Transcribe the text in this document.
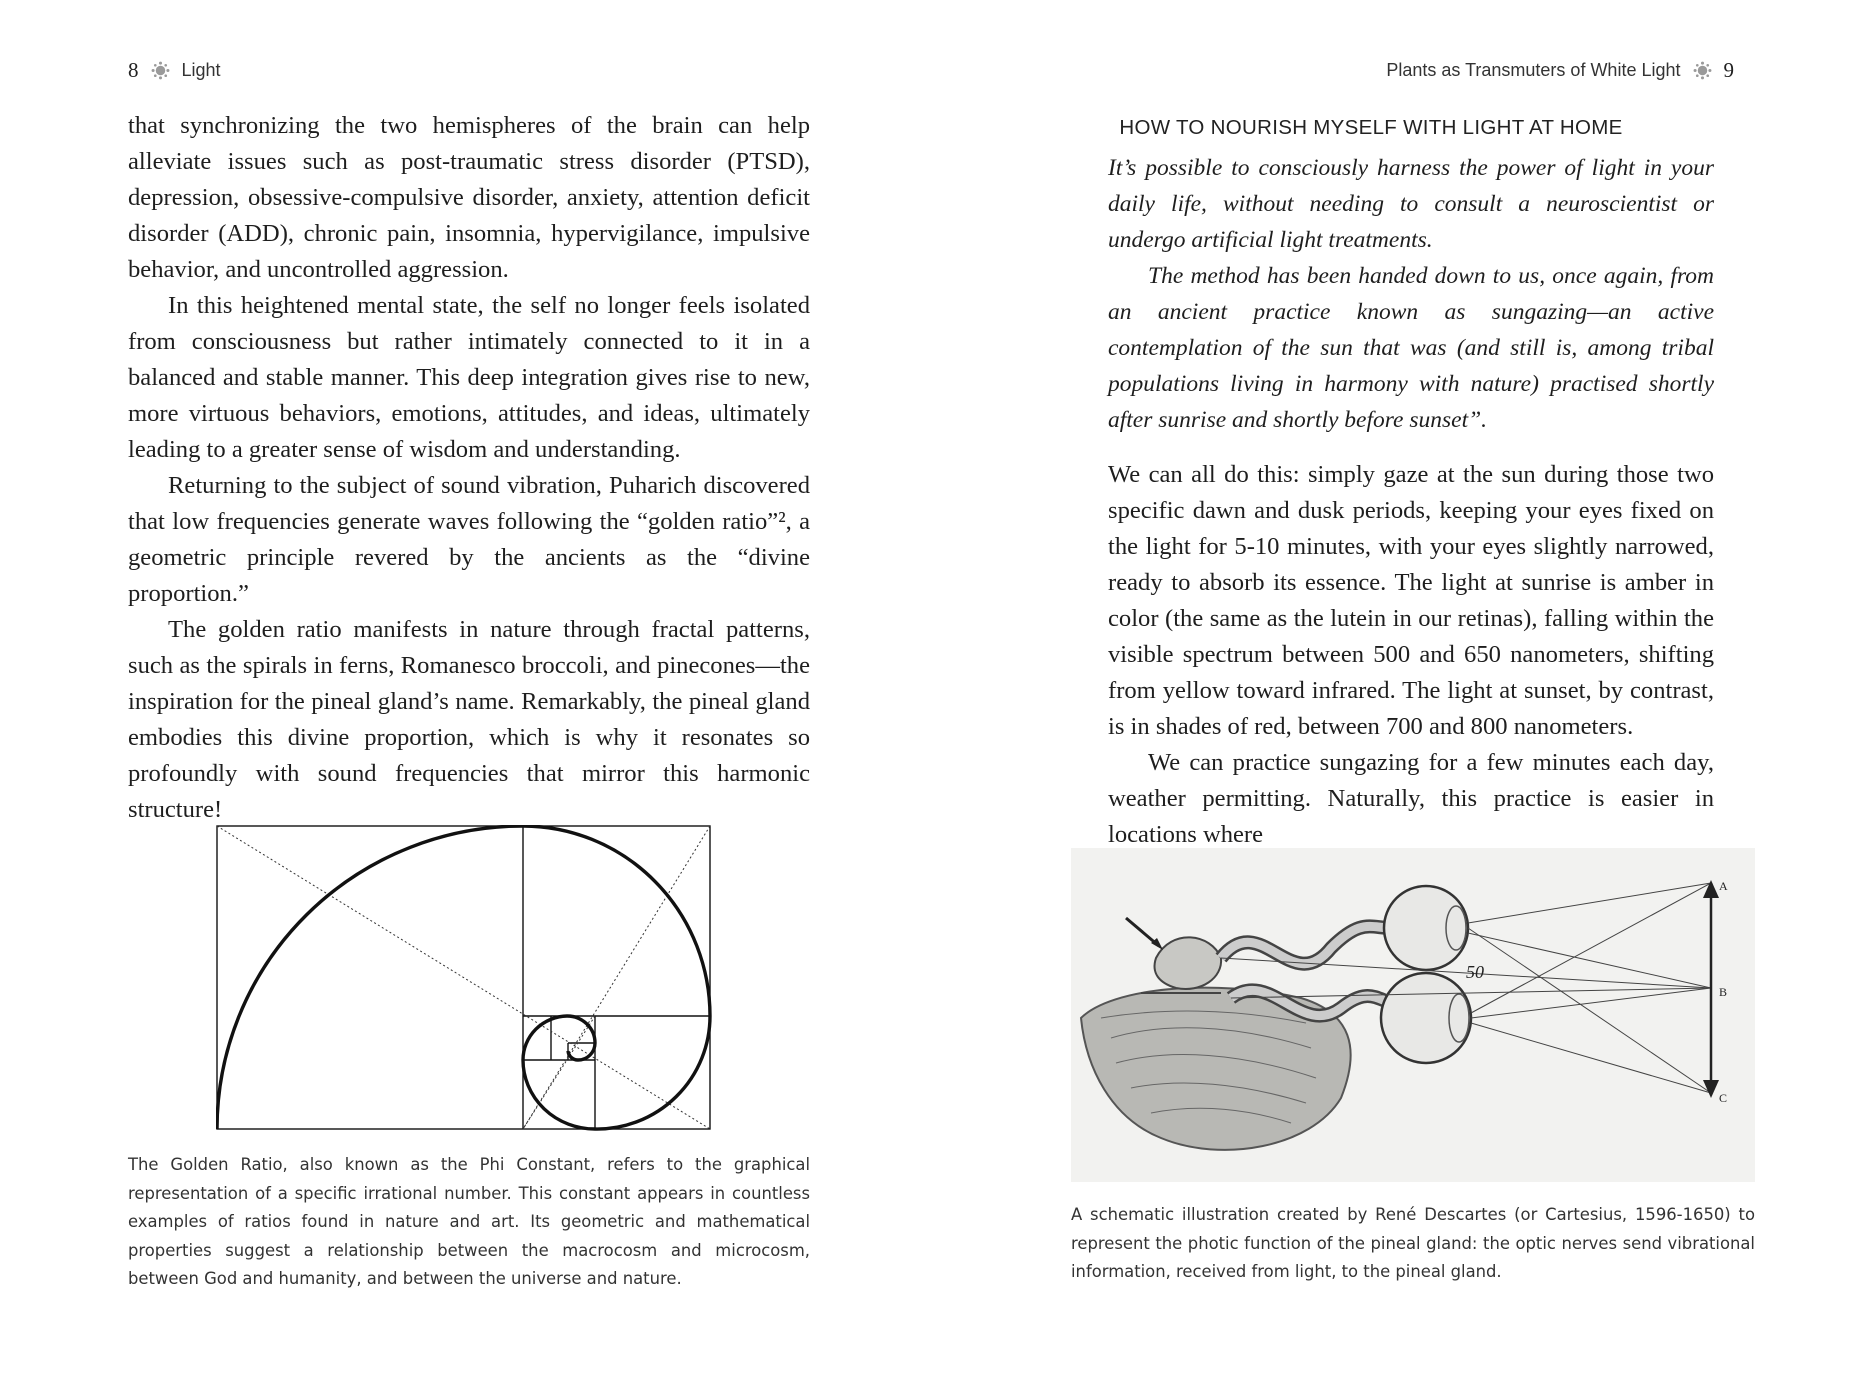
8 Light

that synchronizing the two hemispheres of the brain can help alleviate issues such as post-traumatic stress disorder (PTSD), depression, obsessive-compulsive disorder, anxiety, attention deficit disorder (ADD), chronic pain, insomnia, hypervigilance, impulsive behavior, and uncontrolled aggression.

In this heightened mental state, the self no longer feels isolated from consciousness but rather intimately connected to it in a balanced and stable manner. This deep integration gives rise to new, more virtuous behaviors, emotions, attitudes, and ideas, ultimately leading to a greater sense of wisdom and understanding.

Returning to the subject of sound vibration, Puharich discovered that low frequencies generate waves following the “golden ratio”², a geometric principle revered by the ancients as the “divine proportion.”

The golden ratio manifests in nature through fractal patterns, such as the spirals in ferns, Romanesco broccoli, and pinecones—the inspiration for the pineal gland’s name. Remarkably, the pineal gland embodies this divine proportion, which is why it resonates so profoundly with sound frequencies that mirror this harmonic structure!

The Golden Ratio, also known as the Phi Constant, refers to the graphical representation of a specific irrational number. This constant appears in countless examples of ratios found in nature and art. Its geometric and mathematical properties suggest a relationship between the macrocosm and microcosm, between God and humanity, and between the universe and nature.

Plants as Transmuters of White Light 9
HOW TO NOURISH MYSELF WITH LIGHT AT HOME

It’s possible to consciously harness the power of light in your daily life, without needing to consult a neuroscientist or undergo artificial light treatments.

The method has been handed down to us, once again, from an ancient practice known as sungazing—an active contemplation of the sun that was (and still is, among tribal populations living in harmony with nature) practised shortly after sunrise and shortly before sunset”.

We can all do this: simply gaze at the sun during those two specific dawn and dusk periods, keeping your eyes fixed on the light for 5-10 minutes, with your eyes slightly narrowed, ready to absorb its essence. The light at sunrise is amber in color (the same as the lutein in our retinas), falling within the visible spectrum between 500 and 650 nanometers, shifting from yellow toward infrared. The light at sunset, by contrast, is in shades of red, between 700 and 800 nanometers.

We can practice sungazing for a few minutes each day, weather permitting. Naturally, this practice is easier in locations where

A
B
C
50

A schematic illustration created by René Descartes (or Cartesius, 1596-1650) to represent the photic function of the pineal gland: the optic nerves send vibrational information, received from light, to the pineal gland.
